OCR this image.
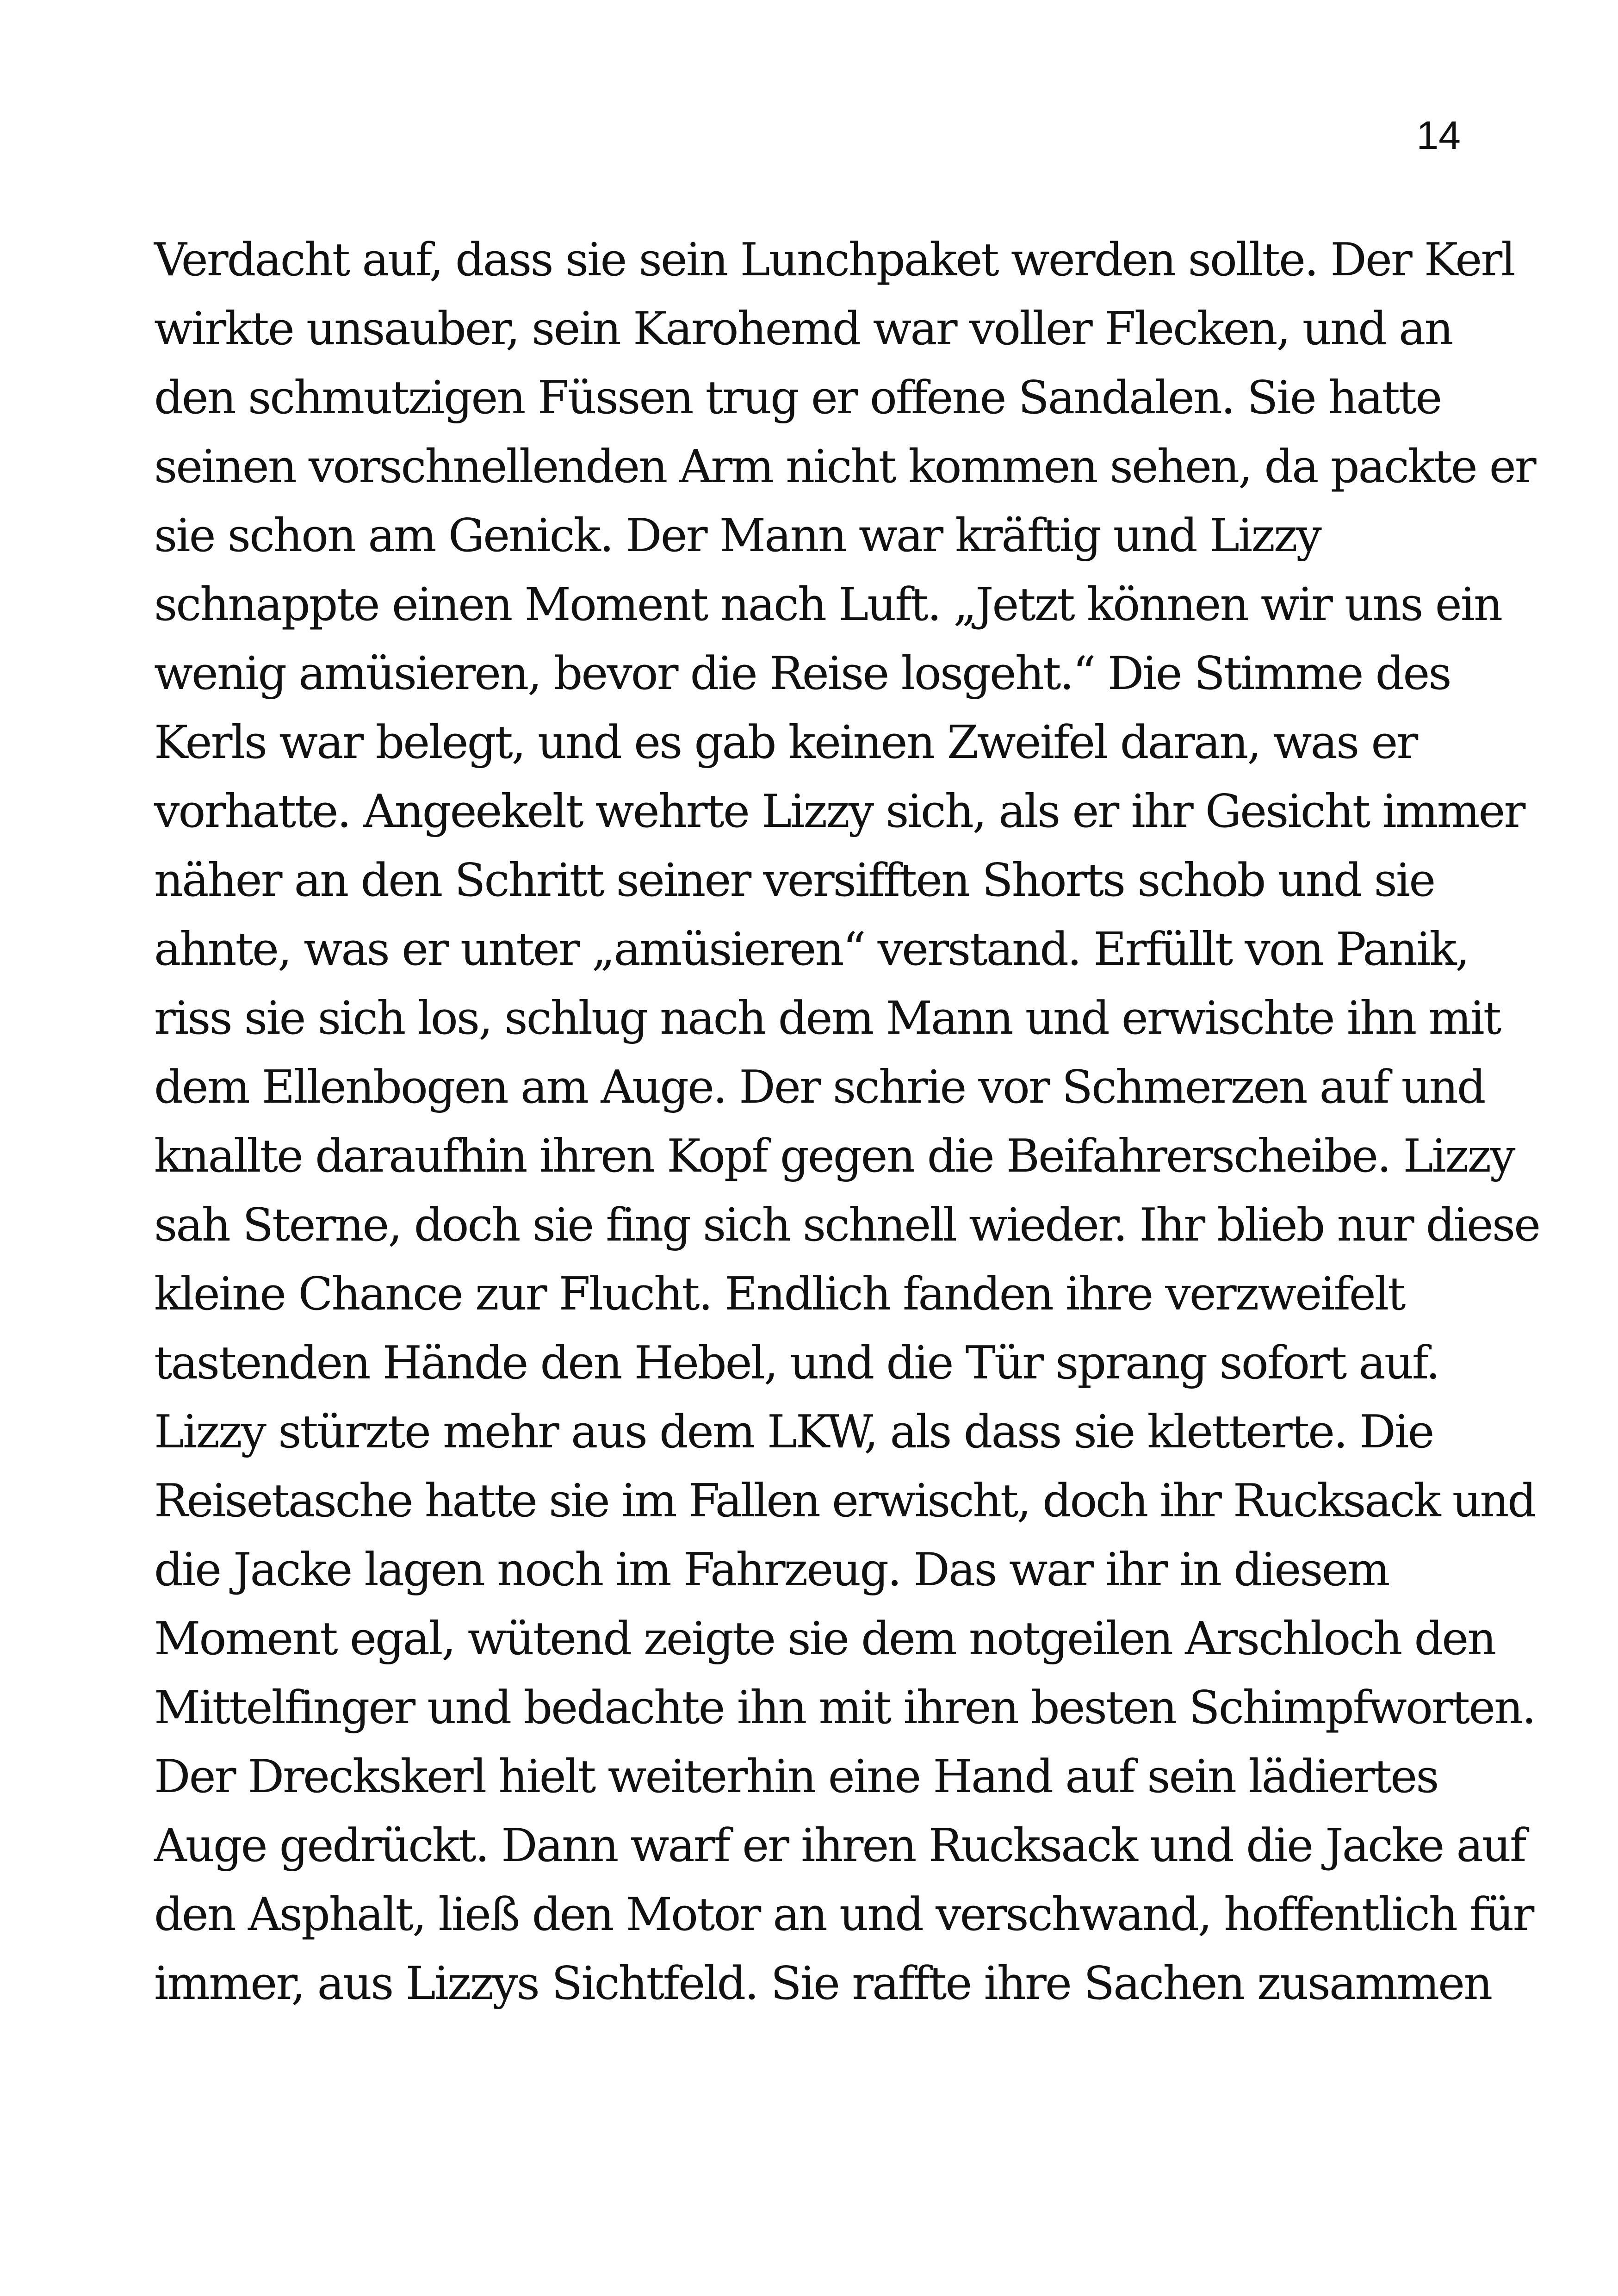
14
Verdacht auf, dass sie sein Lunchpaket werden sollte. Der Kerl
wirkte unsauber, sein Karohemd war voller Flecken, und an
den schmutzigen Füssen trug er offene Sandalen. Sie hatte
seinen vorschnellenden Arm nicht kommen sehen, da packte er
sie schon am Genick. Der Mann war kräftig und Lizzy
schnappte einen Moment nach Luft. „Jetzt können wir uns ein
wenig amüsieren, bevor die Reise losgeht.“ Die Stimme des
Kerls war belegt, und es gab keinen Zweifel daran, was er
vorhatte. Angeekelt wehrte Lizzy sich, als er ihr Gesicht immer
näher an den Schritt seiner versifften Shorts schob und sie
ahnte, was er unter „amüsieren“ verstand. Erfüllt von Panik,
riss sie sich los, schlug nach dem Mann und erwischte ihn mit
dem Ellenbogen am Auge. Der schrie vor Schmerzen auf und
knallte daraufhin ihren Kopf gegen die Beifahrerscheibe. Lizzy
sah Sterne, doch sie fing sich schnell wieder. Ihr blieb nur diese
kleine Chance zur Flucht. Endlich fanden ihre verzweifelt
tastenden Hände den Hebel, und die Tür sprang sofort auf.
Lizzy stürzte mehr aus dem LKW, als dass sie kletterte. Die
Reisetasche hatte sie im Fallen erwischt, doch ihr Rucksack und
die Jacke lagen noch im Fahrzeug. Das war ihr in diesem
Moment egal, wütend zeigte sie dem notgeilen Arschloch den
Mittelfinger und bedachte ihn mit ihren besten Schimpfworten.
Der Dreckskerl hielt weiterhin eine Hand auf sein lädiertes
Auge gedrückt. Dann warf er ihren Rucksack und die Jacke auf
den Asphalt, ließ den Motor an und verschwand, hoffentlich für
immer, aus Lizzys Sichtfeld. Sie raffte ihre Sachen zusammen
